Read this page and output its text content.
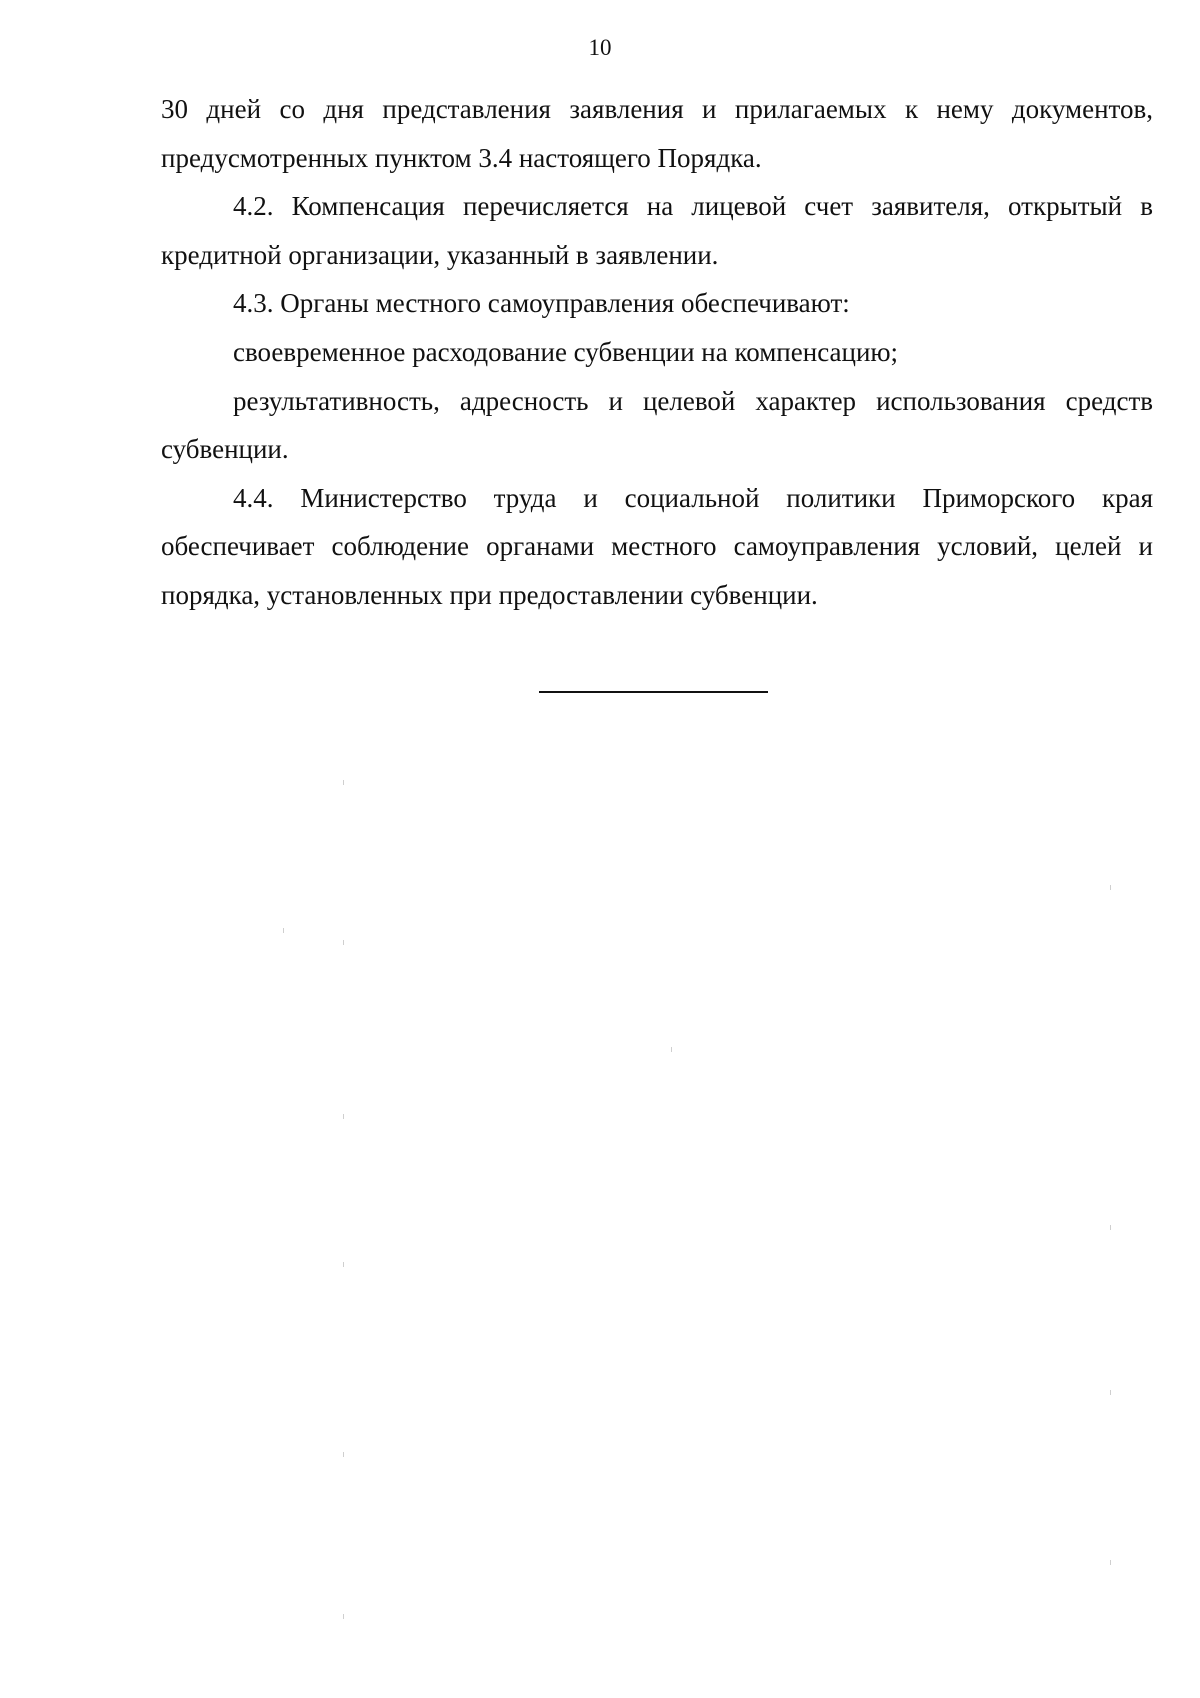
10

30 дней со дня представления заявления и прилагаемых к нему документов, предусмотренных пунктом 3.4 настоящего Порядка.

4.2. Компенсация перечисляется на лицевой счет заявителя, открытый в кредитной организации, указанный в заявлении.

4.3. Органы местного самоуправления обеспечивают:

своевременное расходование субвенции на компенсацию;

результативность, адресность и целевой характер использования средств субвенции.

4.4. Министерство труда и социальной политики Приморского края обеспечивает соблюдение органами местного самоуправления условий, целей и порядка, установленных при предоставлении субвенции.
